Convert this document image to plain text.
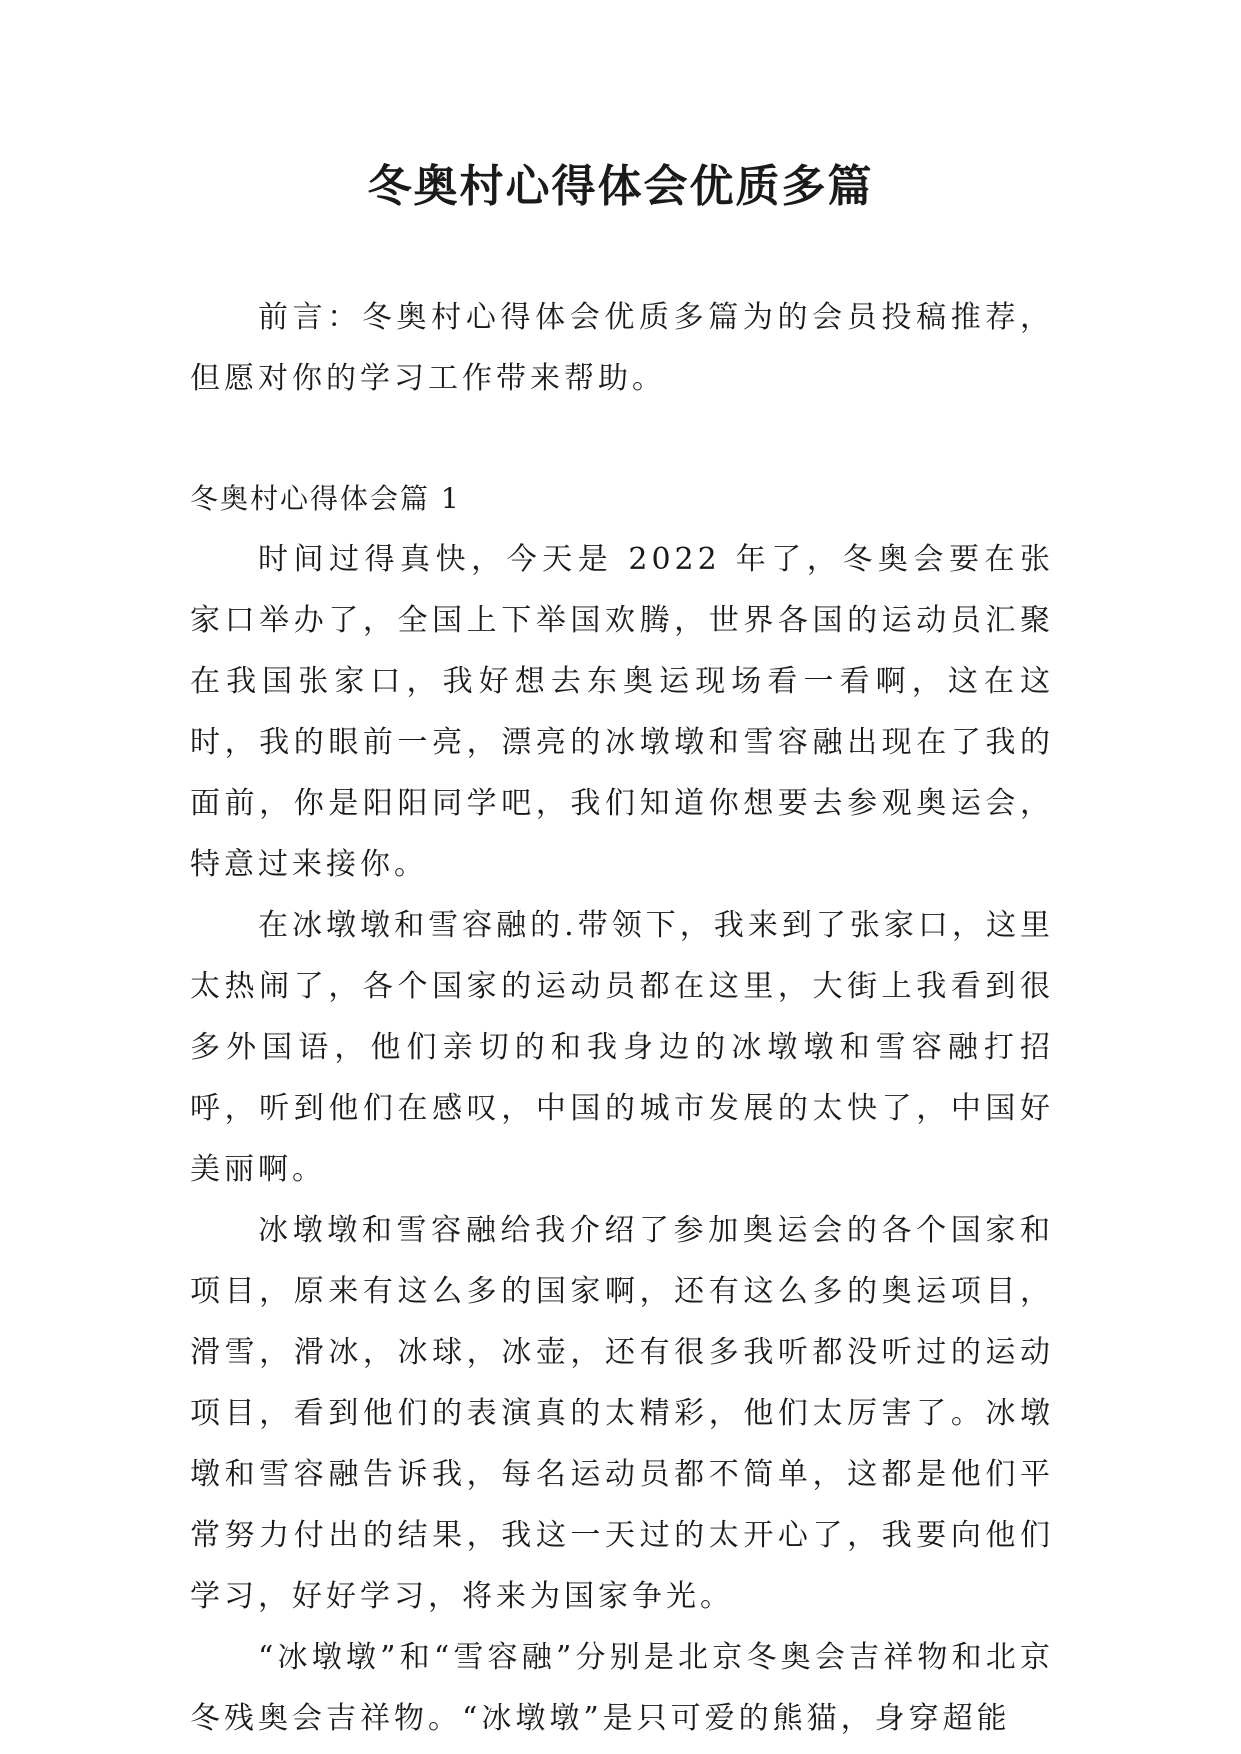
冬奥村心得体会优质多篇

前言：冬奥村心得体会优质多篇为的会员投稿推荐，但愿对你的学习工作带来帮助。

冬奥村心得体会篇 1

时间过得真快，今天是 2022 年了，冬奥会要在张家口举办了，全国上下举国欢腾，世界各国的运动员汇聚在我国张家口，我好想去东奥运现场看一看啊，这在这时，我的眼前一亮，漂亮的冰墩墩和雪容融出现在了我的面前，你是阳阳同学吧，我们知道你想要去参观奥运会，特意过来接你。

在冰墩墩和雪容融的.带领下，我来到了张家口，这里太热闹了，各个国家的运动员都在这里，大街上我看到很多外国语，他们亲切的和我身边的冰墩墩和雪容融打招呼，听到他们在感叹，中国的城市发展的太快了，中国好美丽啊。

冰墩墩和雪容融给我介绍了参加奥运会的各个国家和项目，原来有这么多的国家啊，还有这么多的奥运项目，滑雪，滑冰，冰球，冰壶，还有很多我听都没听过的运动项目，看到他们的表演真的太精彩，他们太厉害了。冰墩墩和雪容融告诉我，每名运动员都不简单，这都是他们平常努力付出的结果，我这一天过的太开心了，我要向他们学习，好好学习，将来为国家争光。

“冰墩墩”和“雪容融”分别是北京冬奥会吉祥物和北京冬残奥会吉祥物。“冰墩墩”是只可爱的熊猫，身穿超能
